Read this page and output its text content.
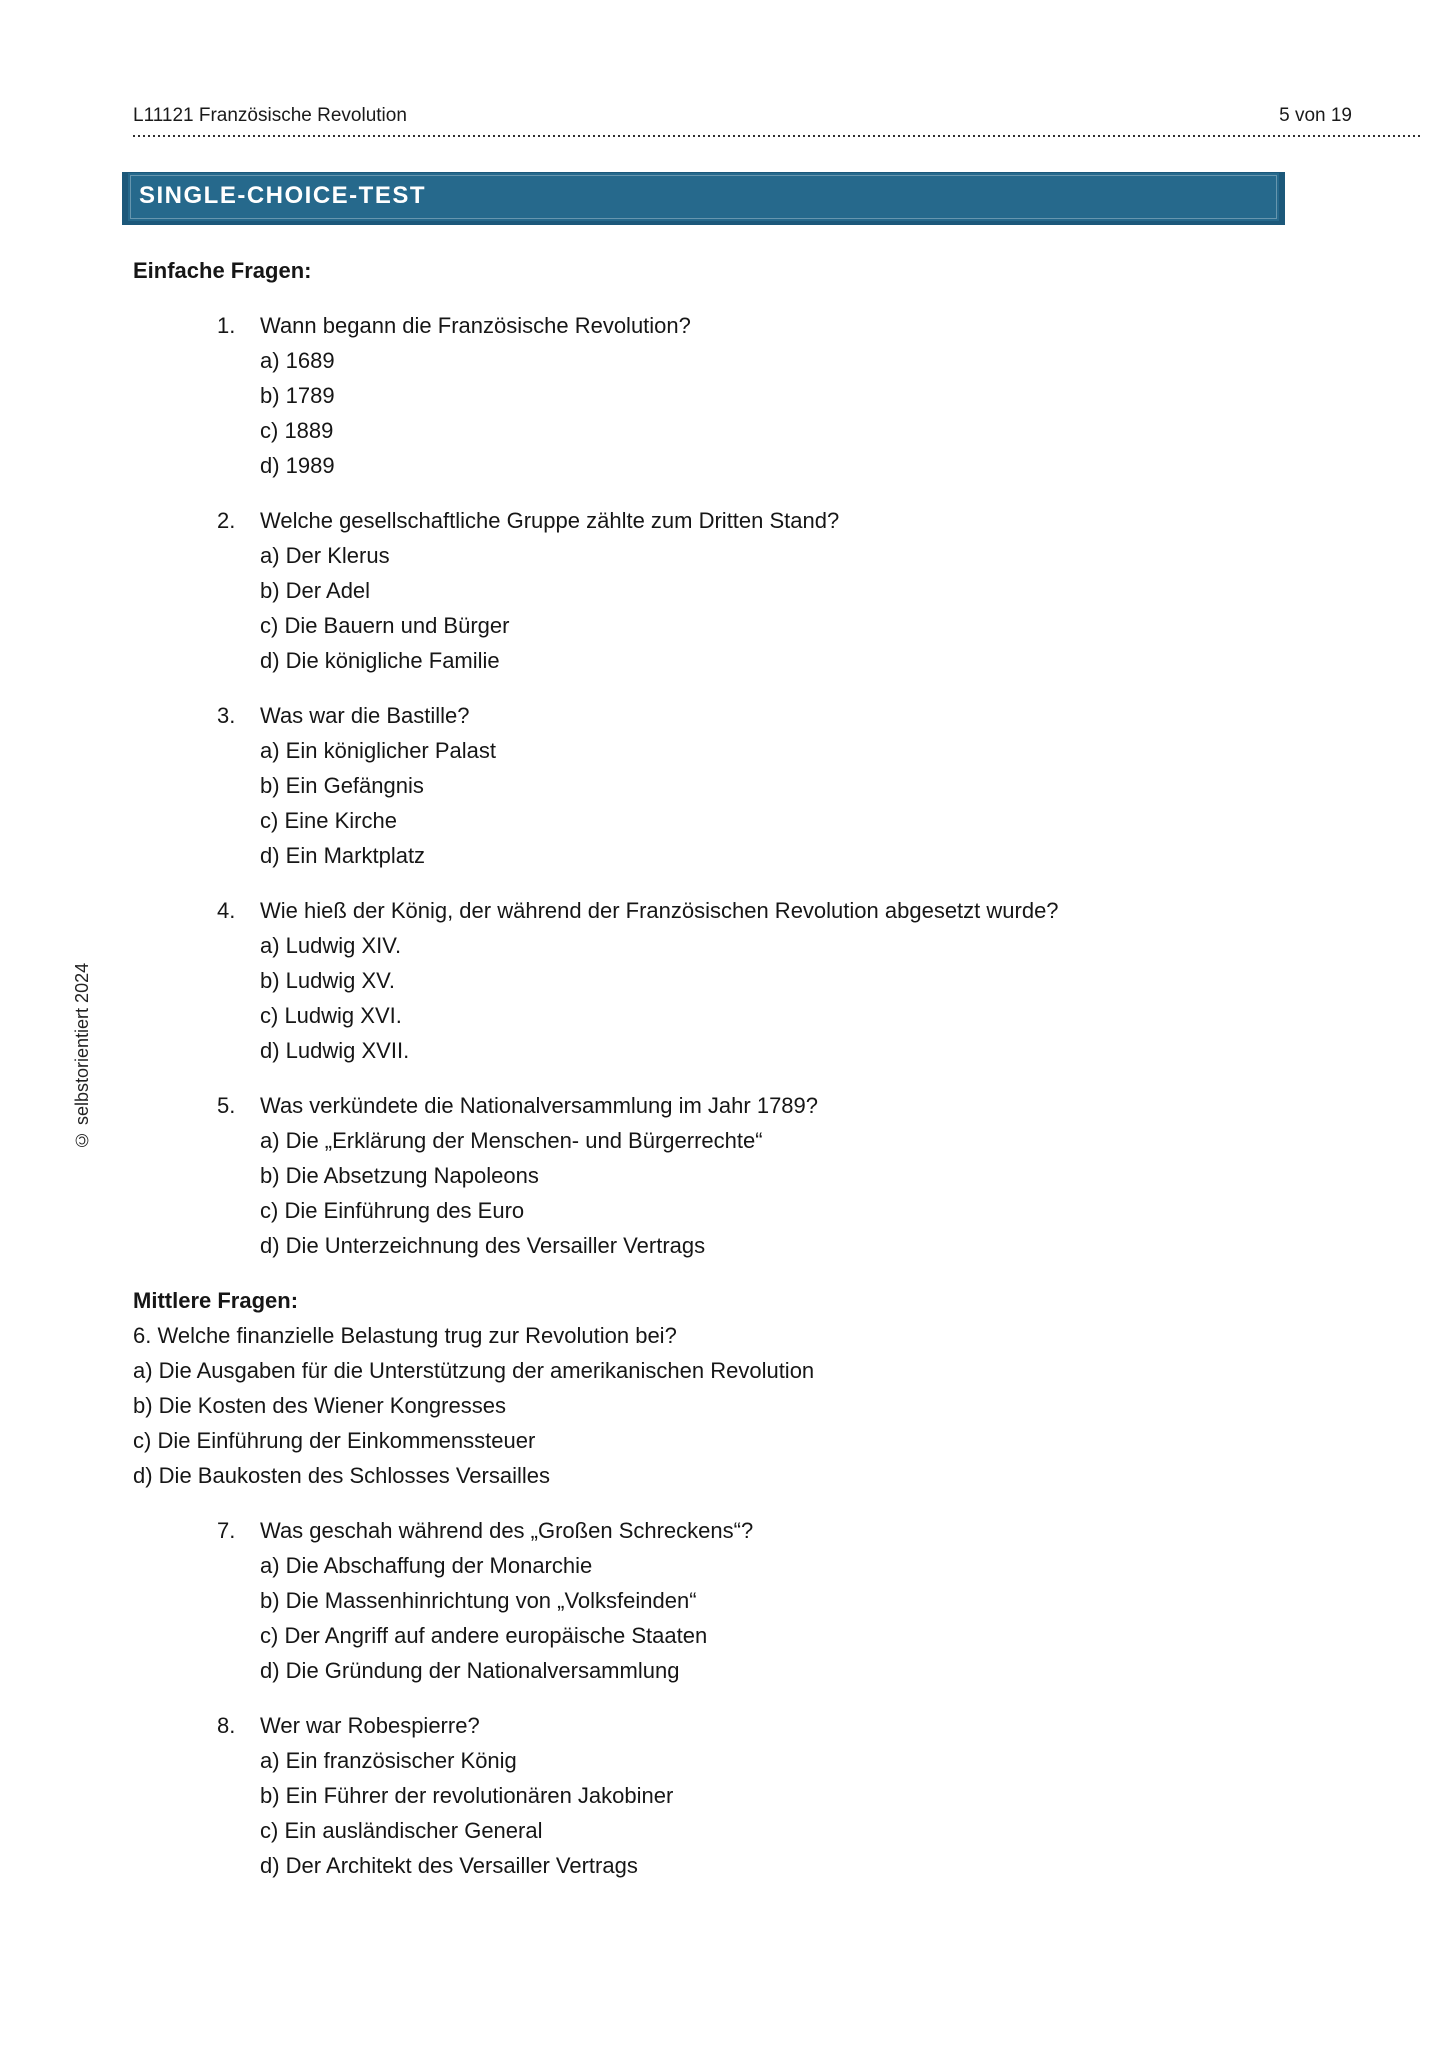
L11121 Französische Revolution	5 von 19
SINGLE-CHOICE-TEST
© selbstorientiert 2024
Einfache Fragen:
1.	Wann begann die Französische Revolution?
a) 1689
b) 1789
c) 1889
d) 1989
2.	Welche gesellschaftliche Gruppe zählte zum Dritten Stand?
a) Der Klerus
b) Der Adel
c) Die Bauern und Bürger
d) Die königliche Familie
3.	Was war die Bastille?
a) Ein königlicher Palast
b) Ein Gefängnis
c) Eine Kirche
d) Ein Marktplatz
4.	Wie hieß der König, der während der Französischen Revolution abgesetzt wurde?
a) Ludwig XIV.
b) Ludwig XV.
c) Ludwig XVI.
d) Ludwig XVII.
5.	Was verkündete die Nationalversammlung im Jahr 1789?
a) Die „Erklärung der Menschen- und Bürgerrechte“
b) Die Absetzung Napoleons
c) Die Einführung des Euro
d) Die Unterzeichnung des Versailler Vertrags
Mittlere Fragen:
6. Welche finanzielle Belastung trug zur Revolution bei?
a) Die Ausgaben für die Unterstützung der amerikanischen Revolution
b) Die Kosten des Wiener Kongresses
c) Die Einführung der Einkommenssteuer
d) Die Baukosten des Schlosses Versailles
7.	Was geschah während des „Großen Schreckens“?
a) Die Abschaffung der Monarchie
b) Die Massenhinrichtung von „Volksfeinden“
c) Der Angriff auf andere europäische Staaten
d) Die Gründung der Nationalversammlung
8.	Wer war Robespierre?
a) Ein französischer König
b) Ein Führer der revolutionären Jakobiner
c) Ein ausländischer General
d) Der Architekt des Versailler Vertrags
